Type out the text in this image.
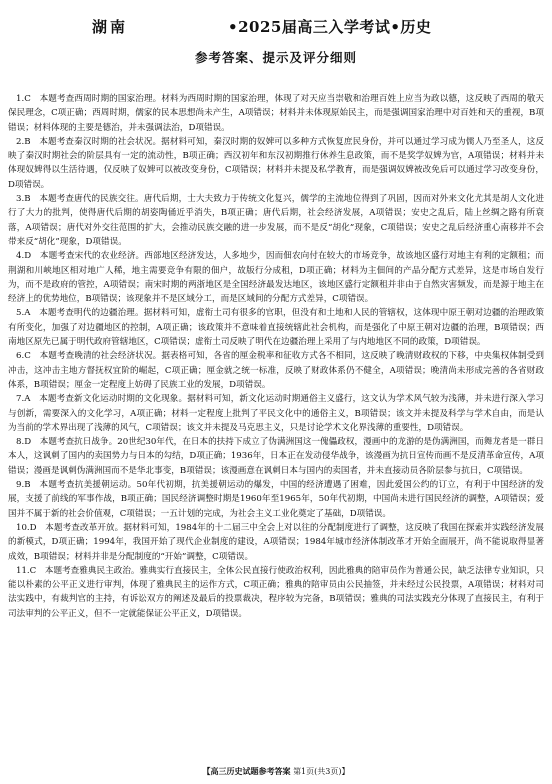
湖南	•2025届高三入学考试•历史
参考答案、提示及评分细则

1.C　本题考查西周时期的国家治理。材料为西周时期的国家治理，体现了对天应当崇敬和治理百姓上应当为政以德，这反映了西周的敬天保民理念，C项正确；西周时期，儒家的民本思想尚未产生，A项错误；材料并未体现原始民主，而是强调国家治理中对百姓和天的重视，B项错误；材料体现的主要是德治，并未强调法治，D项错误。

2.B　本题考查秦汉时期的社会状况。据材料可知，秦汉时期的奴婢可以多种方式恢复庶民身份，并可以通过学习成为儒人乃至圣人，这反映了秦汉时期社会的阶层具有一定的流动性，B项正确；西汉初年和东汉初期推行休养生息政策，而不是奖学奴婢为官，A项错误；材料并未体现奴婢得以生活待遇，仅反映了奴婢可以被改变身份，C项错误；材料并未提及私学教育，而是强调奴婢被改免后可以通过学习改变身份，D项错误。

3.B　本题考查唐代的民族交往。唐代后期，士大夫致力于传统文化复兴，儒学的主流地位得到了巩固，因而对外来文化尤其是胡人文化进行了大力的批判，使得唐代后期的胡姿陶俑近乎消失，B项正确；唐代后期，社会经济发展，A项错误；安史之乱后，陆上丝绸之路有所衰落，A项错误；唐代对外交往范围的扩大，会推动民族交融的进一步发展，而不是反“胡化”现象，C项错误；安史之乱后经济重心南移并不会带来反“胡化”现象，D项错误。

4.D　本题考查宋代的农业经济。西部地区经济发达，人多地少，因而佃农向付在较大的市场竞争，故该地区盛行对地主有利的定额租；而荆湖和川峡地区相对地广人稀，地主需要竞争有限的佃户，故版行分成租，D项正确；材料为主佃间的产品分配方式差异，这是市场自发行为，而不是政府的管控，A项错误；南宋时期的两浙地区是全国经济最发达地区，该地区盛行定额租并非由于自然灾害频发，而是源于地主在经济上的优势地位，B项错误；该现象并不是区域分工，而是区域间的分配方式差异，C项错误。

5.A　本题考查明代的边疆治理。据材料可知，虚衔土司有很多的官职，但没有和土地和人民的管辖权，这体现中原王朝对边疆的治理政策有所变化，加强了对边疆地区的控制，A项正确；该政策并不意味着直接统辖此社会机构，而是强化了中原王朝对边疆的治理，B项错误；西南地区原先已属于明代政府管辖地区，C项错误；虚衔土司反映了明代在边疆治理上采用了与内地地区不同的政策，D项错误。

6.C　本题考查晚清的社会经济状况。据表格可知，各省的厘金税率和征收方式各不相同，这反映了晚清财政权的下移，中央集权体制受到冲击，这冲击主地方督抚权宜阶的崛起，C项正确；厘金就之统一标准，反映了财政体系仍不健全，A项错误；晚清尚未形成完善的各省财政体系，B项错误；厘金一定程度上妨碍了民族工业的发展，D项错误。

7.A　本题考查新文化运动时期的文化现象。据材料可知，新文化运动时期通俗主义盛行，这文认为学术风气较为浅薄，并未进行深入学习与创新，需要深入的文化学习，A项正确；材料一定程度上批判了平民文化中的通俗主义，B项错误；该文并未提及科学与学术自由，而是认为当前的学术界出现了浅薄的风气，C项错误；该文并未提及马克思主义，只是讨论学术文化界浅薄的重要性，D项错误。

8.D　本题考查抗日战争。20世纪30年代，在日本的扶持下成立了伪满洲国这一傀儡政权，漫画中的龙游的是伪满洲国，而舞龙者是一群日本人，这讽刺了国内的卖国势力与日本的勾结，D项正确；1936年，日本正在发动侵华战争，该漫画为抗日宣传而画不是反清革命宣传，A项错误；漫画是讽刺伪满洲国而不是华北事变，B项错误；该漫画意在讽刺日本与国内的卖国者，并未直接动员各阶层参与抗日，C项错误。

9.B　本题考查抗美援朝运动。50年代初期，抗美援朝运动的爆发，中国的经济遭遇了困难，因此爱国公约的订立，有利于中国经济的发展，支援了前线的军事作战，B项正确；国民经济调整时期是1960年至1965年，50年代初期，中国尚未进行国民经济的调整，A项错误；爱国并不属于新的社会价值观，C项错误；一五计划的完成，为社会主义工业化奠定了基础，D项错误。

10.D　本题考查改革开放。据材料可知，1984年的十二届三中全会上对以往的分配制度进行了调整，这反映了我国在探索并实践经济发展的新模式，D项正确；1994年，我国开始了现代企业制度的建设，A项错误；1984年城市经济体制改革才开始全面展开，尚不能说取得显著成效，B项错误；材料并非是分配制度的“开始”调整，C项错误。

11.C　本题考查雅典民主政治。雅典实行直接民主，全体公民直接行使政治权利，因此雅典的陪审员作为普通公民，缺乏法律专业知识，只能以朴素的公平正义进行审判，体现了雅典民主的运作方式，C项正确；雅典的陪审员由公民抽签，并未经过公民投票，A项错误；材料对司法实践中，有裁判官的主持，有诉讼双方的阐述及最后的投票裁决，程序较为完备，B项错误；雅典的司法实践充分体现了直接民主，有利于司法审判的公平正义，但不一定就能保证公平正义，D项错误。

【高三历史试题参考答案 第1页(共3页)】
